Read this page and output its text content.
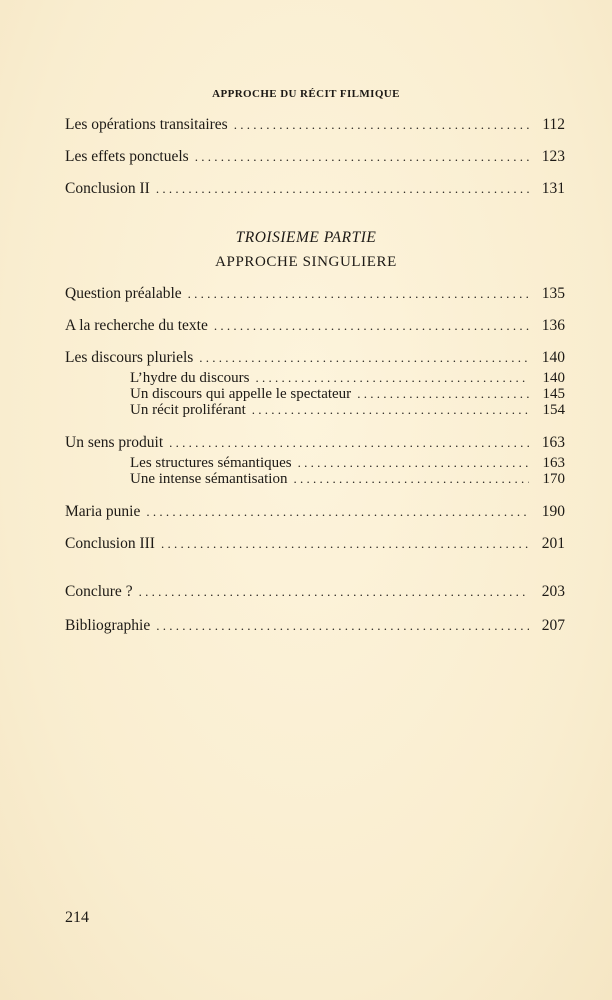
APPROCHE DU RÉCIT FILMIQUE
Les opérations transitaires . . .	112
Les effets ponctuels . . .	123
Conclusion II . . .	131
TROISIEME PARTIE
APPROCHE SINGULIERE
Question préalable . . .	135
A la recherche du texte . . .	136
Les discours pluriels . . .	140
L’hydre du discours . . .	140
Un discours qui appelle le spectateur . . .	145
Un récit proliférant . . .	154
Un sens produit . . .	163
Les structures sémantiques . . .	163
Une intense sémantisation . . .	170
Maria punie . . .	190
Conclusion III . . .	201
Conclure ? . . .	203
Bibliographie . . .	207
214
